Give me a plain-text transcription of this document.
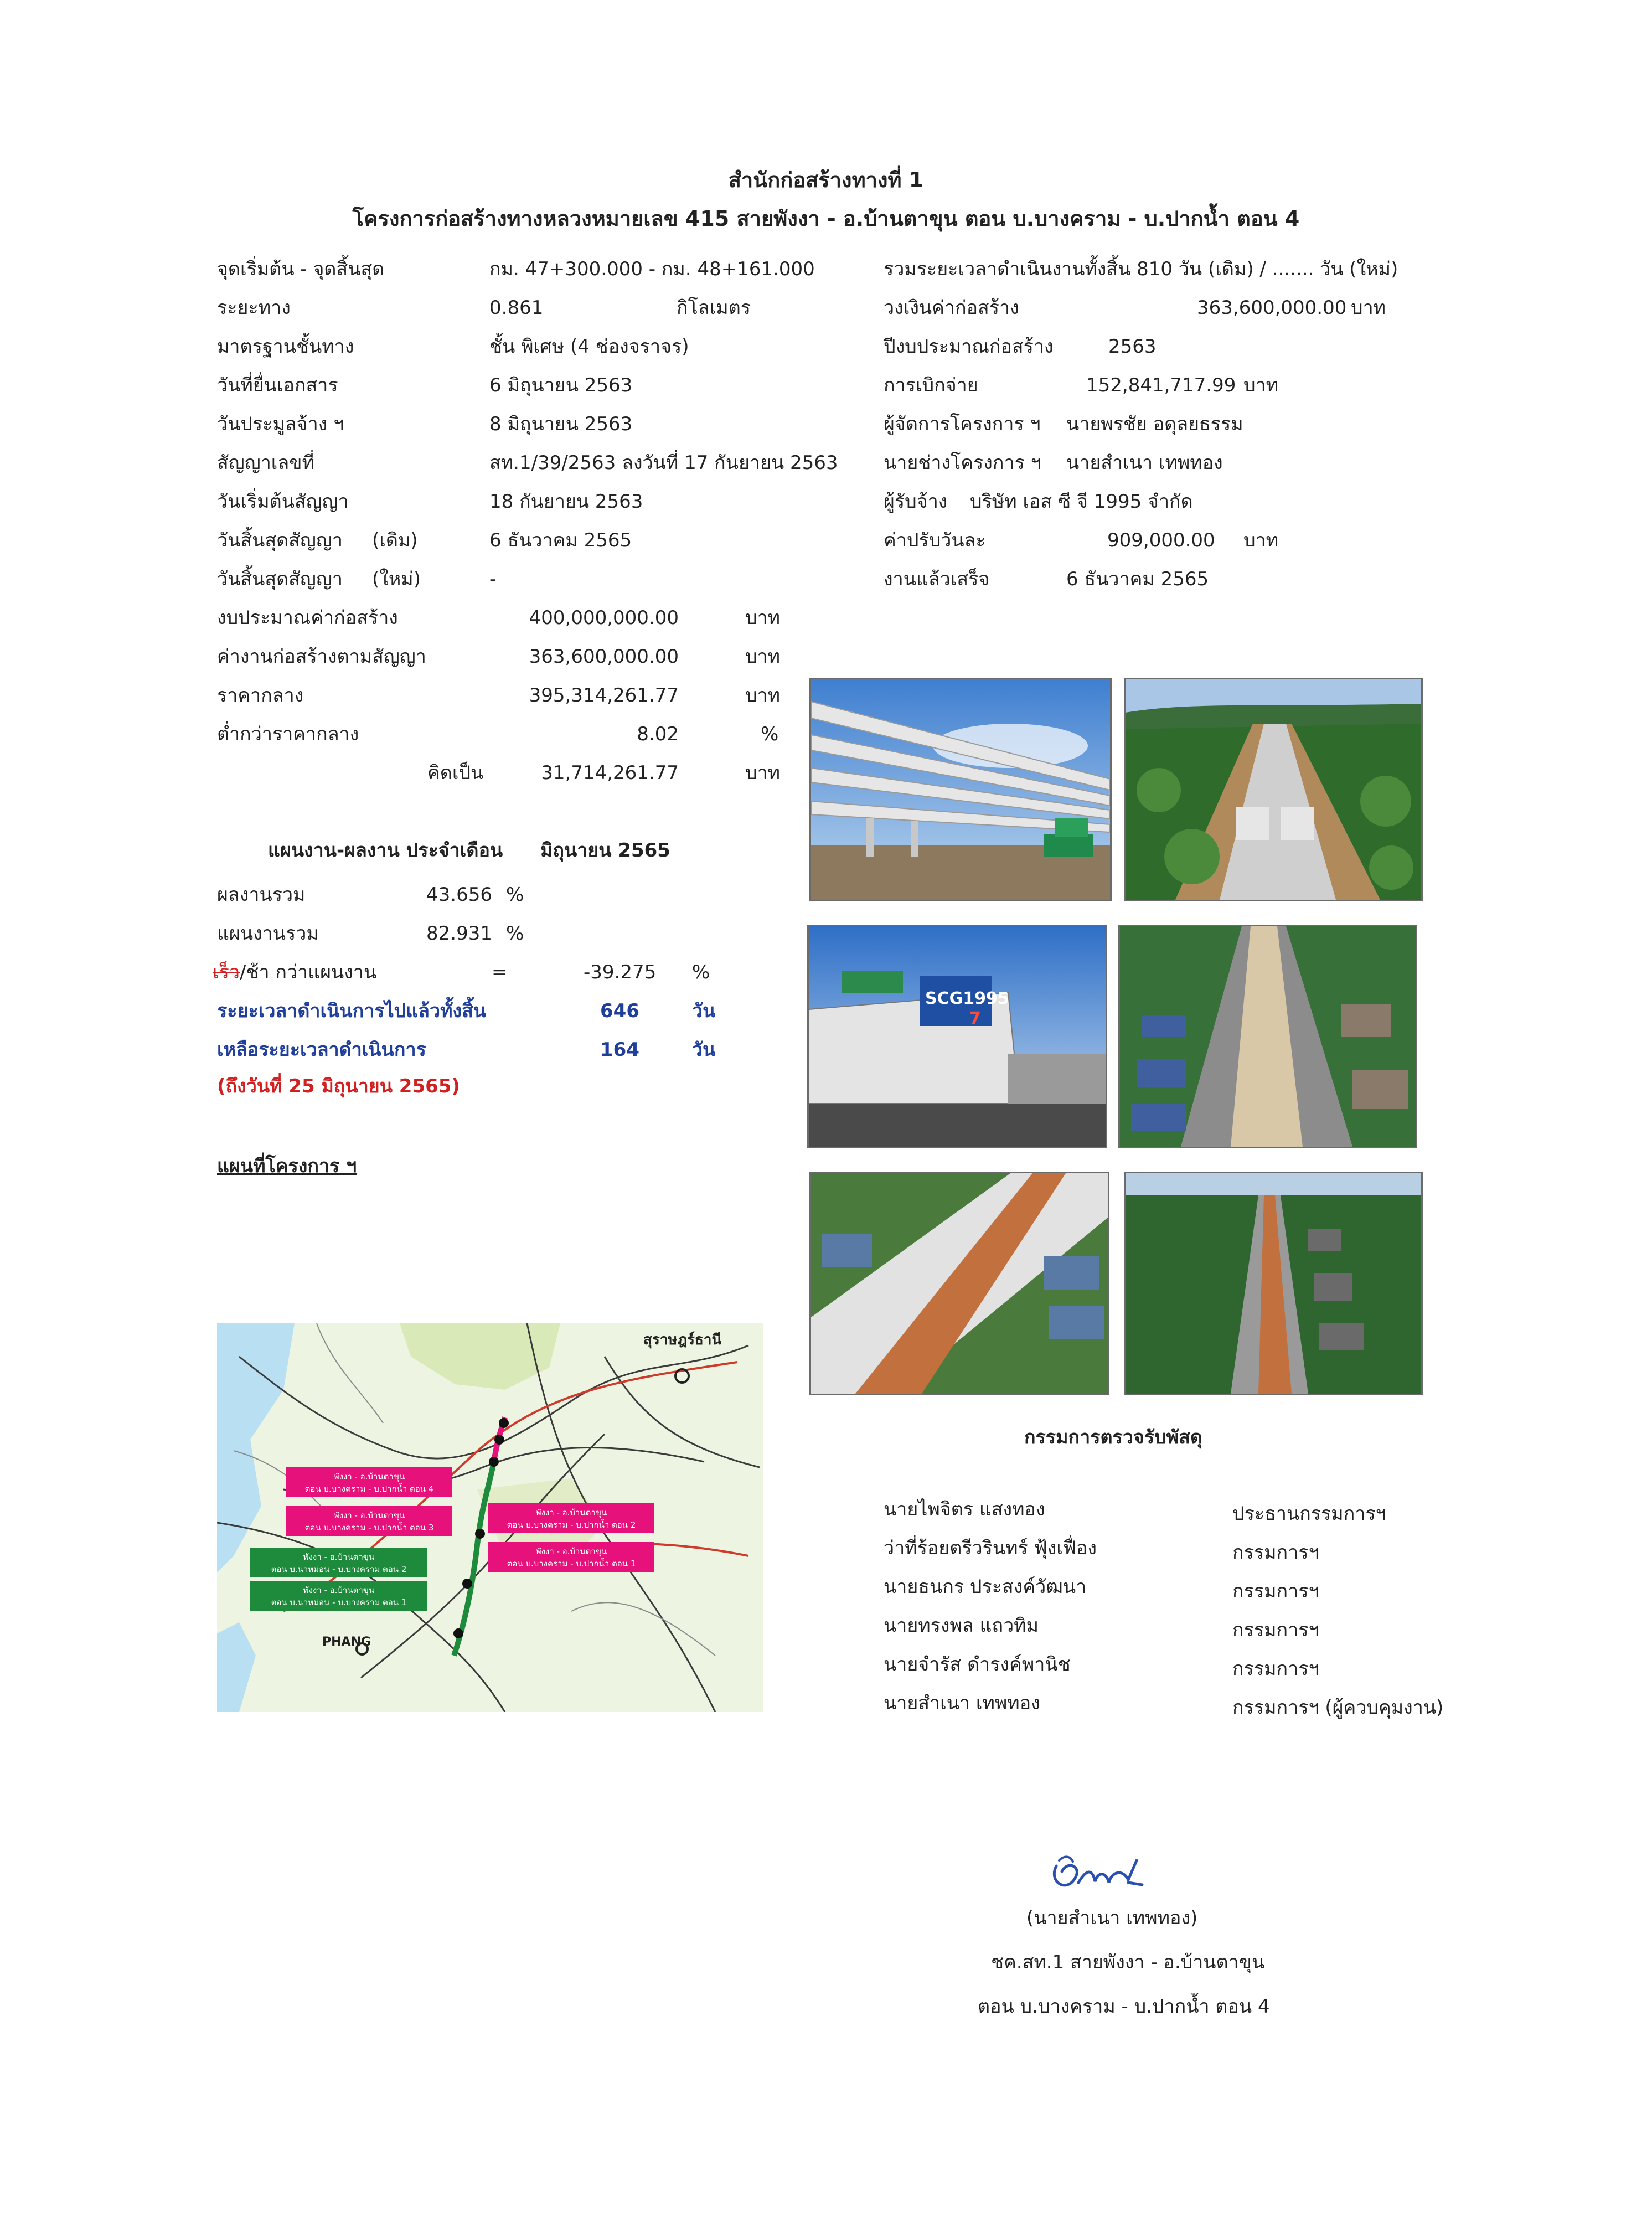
สำนักก่อสร้างทางที่ 1
โครงการก่อสร้างทางหลวงหมายเลข 415 สายพังงา - อ.บ้านตาขุน ตอน บ.บางคราม - บ.ปากน้ำ ตอน 4
จุดเริ่มต้น - จุดสิ้นสุด	กม. 47+300.000 - กม. 48+161.000
ระยะทาง	0.861	กิโลเมตร
มาตรฐานชั้นทาง	ชั้น พิเศษ (4 ช่องจราจร)
วันที่ยื่นเอกสาร	6 มิถุนายน 2563
วันประมูลจ้าง ฯ	8 มิถุนายน 2563
สัญญาเลขที่	สท.1/39/2563 ลงวันที่ 17 กันยายน 2563
วันเริ่มต้นสัญญา	18 กันยายน 2563
วันสิ้นสุดสัญญา (เดิม)	6 ธันวาคม 2565
วันสิ้นสุดสัญญา (ใหม่)	-
รวมระยะเวลาดำเนินงานทั้งสิ้น 810 วัน (เดิม) / ....... วัน (ใหม่)
วงเงินค่าก่อสร้าง	363,600,000.00 บาท
ปีงบประมาณก่อสร้าง	2563
การเบิกจ่าย	152,841,717.99 บาท
ผู้จัดการโครงการ ฯ นายพรชัย อดุลยธรรม
นายช่างโครงการ ฯ นายสำเนา เทพทอง
ผู้รับจ้าง บริษัท เอส ซี จี 1995 จำกัด
ค่าปรับวันละ	909,000.00 บาท
งานแล้วเสร็จ	6 ธันวาคม 2565
งบประมาณค่าก่อสร้าง	400,000,000.00	บาท
ค่างานก่อสร้างตามสัญญา	363,600,000.00	บาท
ราคากลาง	395,314,261.77	บาท
ต่ำกว่าราคากลาง	8.02	%
คิดเป็น	31,714,261.77	บาท
แผนงาน-ผลงาน ประจำเดือน มิถุนายน 2565
ผลงานรวม	43.656 %
แผนงานรวม	82.931 %
เร็ว/ช้า กว่าแผนงาน	=	-39.275 %
ระยะเวลาดำเนินการไปแล้วทั้งสิ้น	646	วัน
เหลือระยะเวลาดำเนินการ	164	วัน
(ถึงวันที่ 25 มิถุนายน 2565)
แผนที่โครงการ ฯ
พังงา - อ.บ้านตาขุน
ตอน บ.บางคราม - บ.ปากน้ำ ตอน 4
พังงา - อ.บ้านตาขุน
ตอน บ.บางคราม - บ.ปากน้ำ ตอน 3
พังงา - อ.บ้านตาขุน
ตอน บ.บางคราม - บ.ปากน้ำ ตอน 2
พังงา - อ.บ้านตาขุน
ตอน บ.บางคราม - บ.ปากน้ำ ตอน 1
พังงา - อ.บ้านตาขุน
ตอน บ.นาหม่อน - บ.บางคราม ตอน 2
พังงา - อ.บ้านตาขุน
ตอน บ.นาหม่อน - บ.บางคราม ตอน 1
สุราษฎร์ธานี
PHANG
SCG1995
7
กรรมการตรวจรับพัสดุ
นายไพจิตร แสงทอง	ประธานกรรมการฯ
ว่าที่ร้อยตรีวรินทร์ ฟุ้งเฟื่อง	กรรมการฯ
นายธนกร ประสงค์วัฒนา	กรรมการฯ
นายทรงพล แถวทิม	กรรมการฯ
นายจำรัส ดำรงค์พานิช	กรรมการฯ
นายสำเนา เทพทอง	กรรมการฯ (ผู้ควบคุมงาน)
(นายสำเนา เทพทอง)
ชค.สท.1 สายพังงา - อ.บ้านตาขุน
ตอน บ.บางคราม - บ.ปากน้ำ ตอน 4
